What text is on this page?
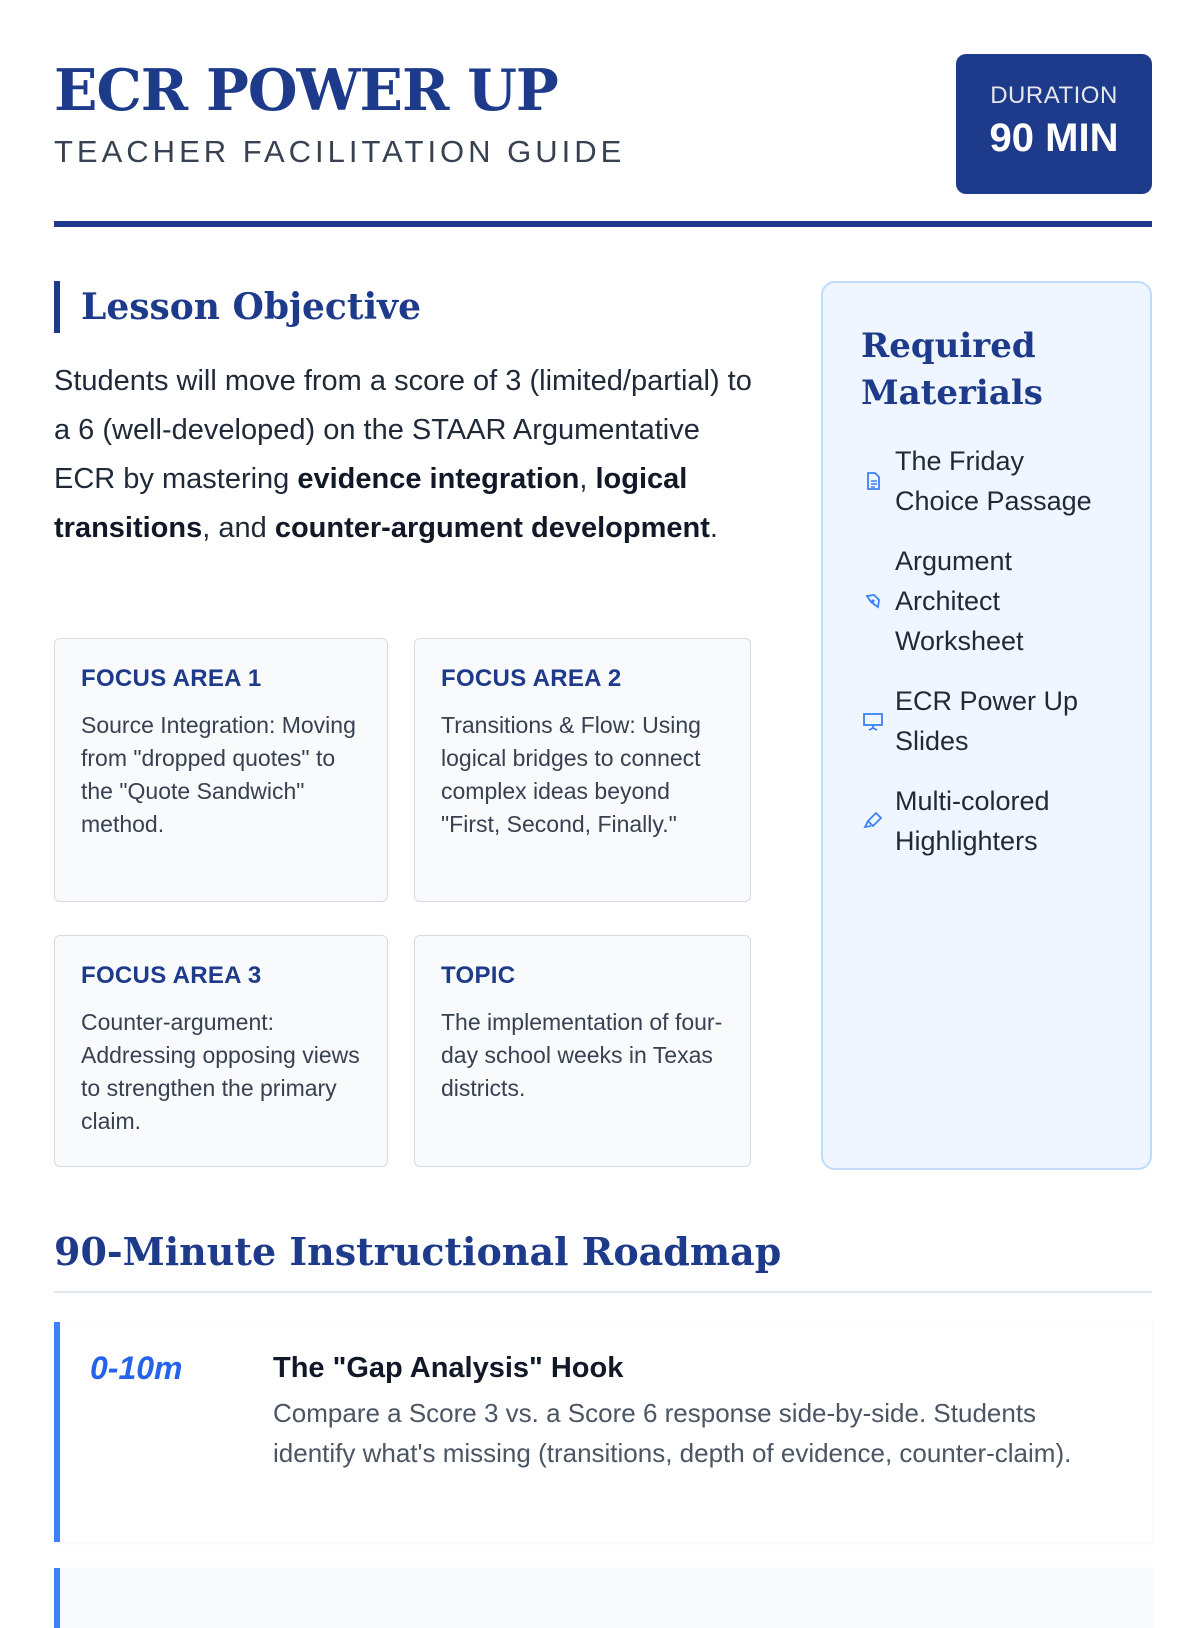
ECR POWER UP
TEACHER FACILITATION GUIDE
DURATION
90 MIN
Lesson Objective
Students will move from a score of 3 (limited/partial) to a 6 (well-developed) on the STAAR Argumentative ECR by mastering evidence integration, logical transitions, and counter-argument development.
FOCUS AREA 1
Source Integration: Moving from "dropped quotes" to the "Quote Sandwich" method.
FOCUS AREA 2
Transitions & Flow: Using logical bridges to connect complex ideas beyond "First, Second, Finally."
FOCUS AREA 3
Counter-argument: Addressing opposing views to strengthen the primary claim.
TOPIC
The implementation of four-day school weeks in Texas districts.
Required Materials
The Friday Choice Passage
Argument Architect Worksheet
ECR Power Up Slides
Multi-colored Highlighters
90-Minute Instructional Roadmap
0-10m	The "Gap Analysis" Hook
Compare a Score 3 vs. a Score 6 response side-by-side. Students identify what's missing (transitions, depth of evidence, counter-claim).
